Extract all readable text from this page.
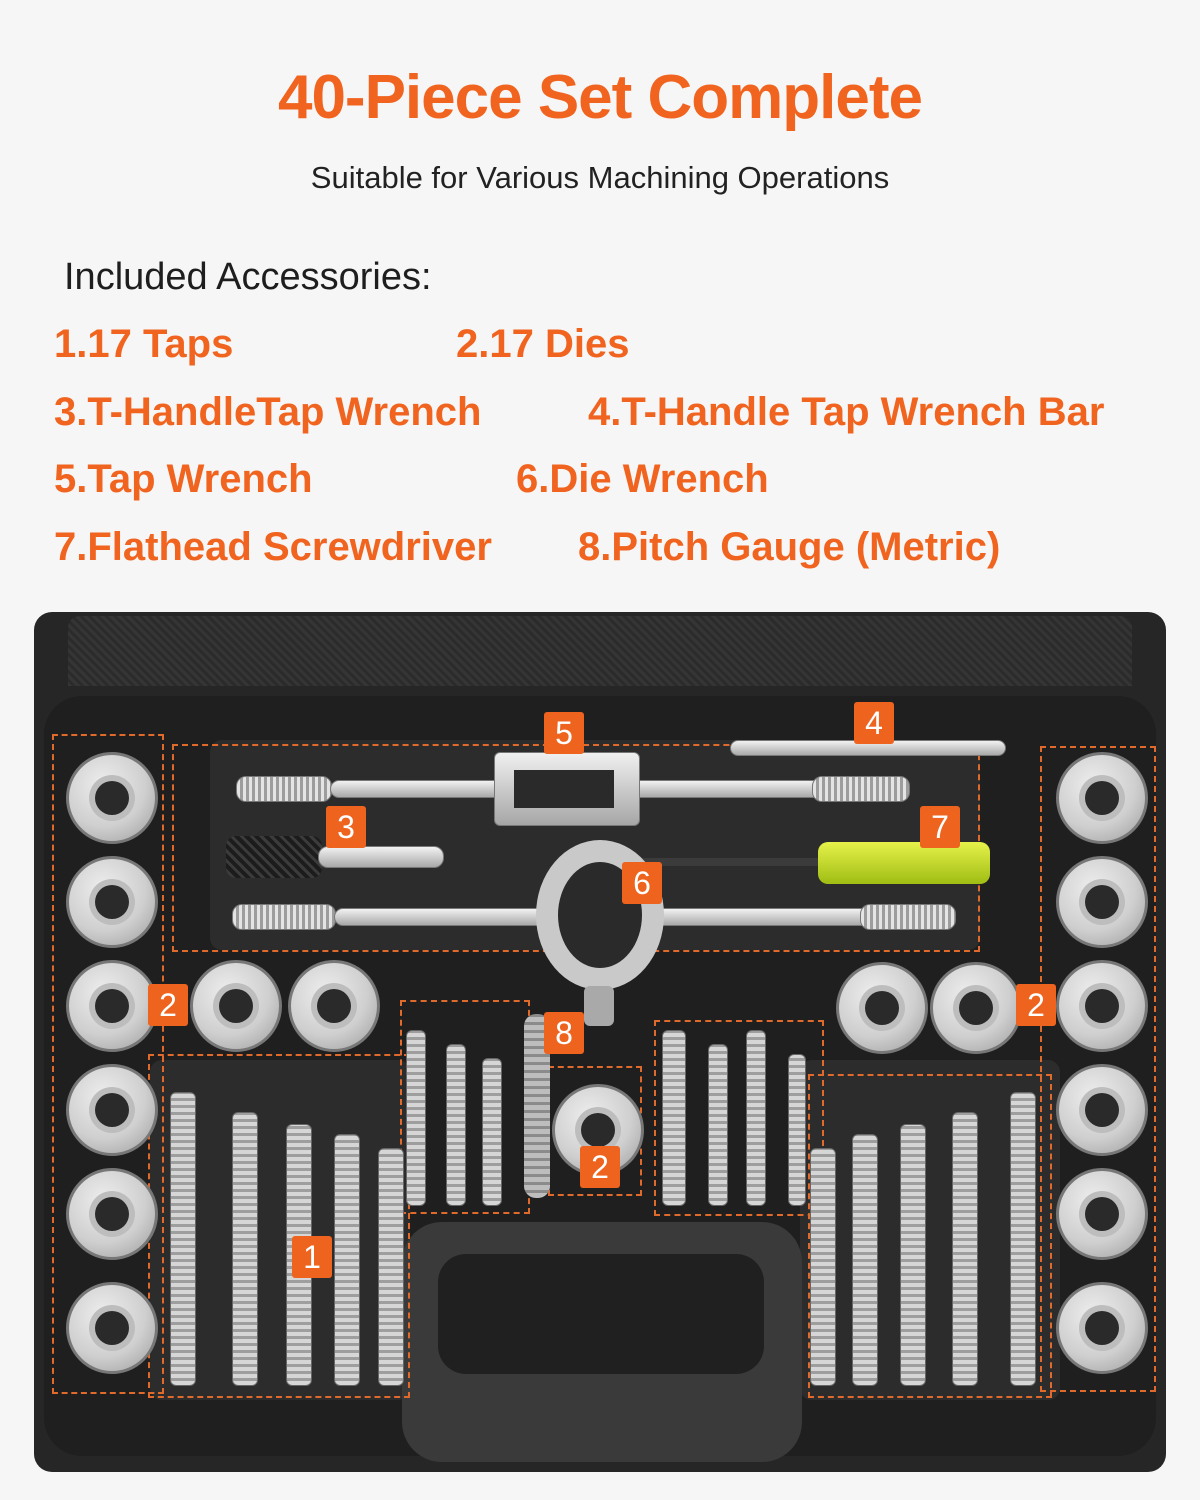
40-Piece Set Complete
Suitable for Various Machining Operations
Included Accessories:
1.17 Taps	2.17 Dies
3.T-HandleTap Wrench	4.T-Handle Tap Wrench Bar
5.Tap Wrench	6.Die Wrench
7.Flathead Screwdriver 8.Pitch Gauge (Metric)
1
2	2
2
3
4
5
6
7
8
